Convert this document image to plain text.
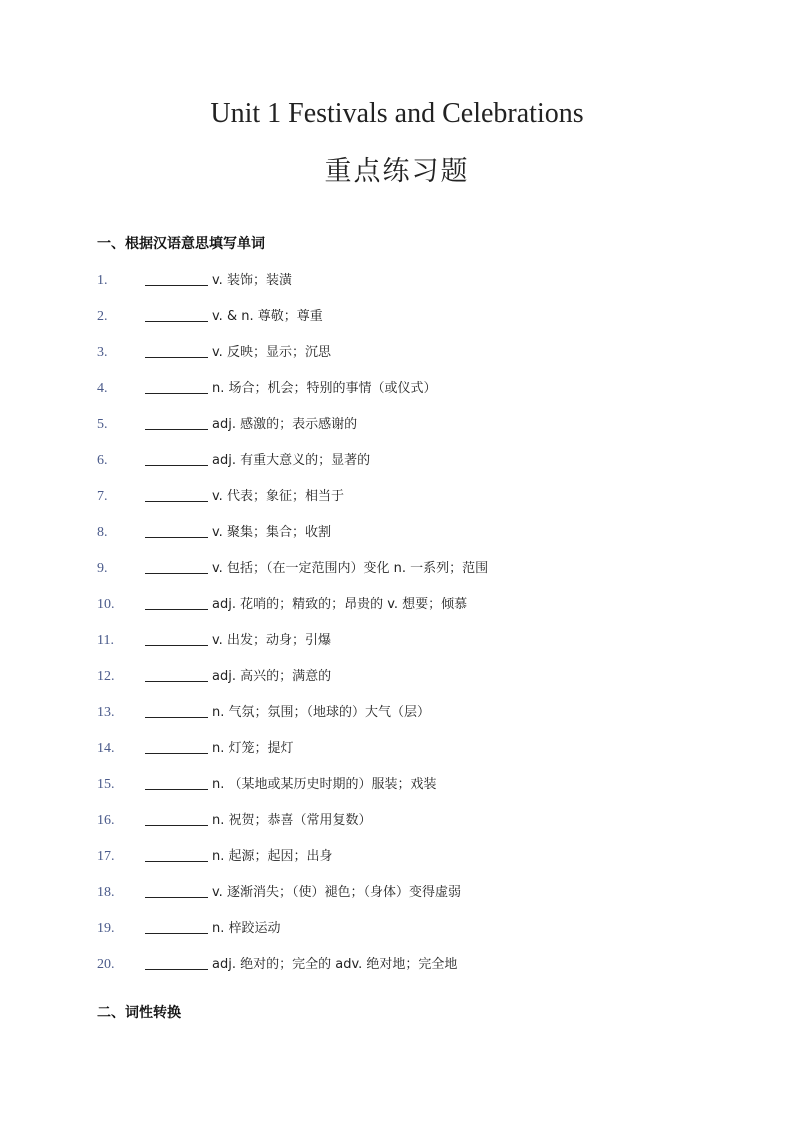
Unit 1 Festivals and Celebrations
重点练习题
一、根据汉语意思填写单词
1.	v. 装饰；装潢
2.	v. & n. 尊敬；尊重
3.	v. 反映；显示；沉思
4.	n. 场合；机会；特别的事情（或仪式）
5.	adj. 感激的；表示感谢的
6.	adj. 有重大意义的；显著的
7.	v. 代表；象征；相当于
8.	v. 聚集；集合；收割
9.	v. 包括；（在一定范围内）变化 n. 一系列；范围
10.	adj. 花哨的；精致的；昂贵的 v. 想要；倾慕
11.	v. 出发；动身；引爆
12.	adj. 高兴的；满意的
13.	n. 气氛；氛围；（地球的）大气（层）
14.	n. 灯笼；提灯
15.	n. （某地或某历史时期的）服装；戏装
16.	n. 祝贺；恭喜（常用复数）
17.	n. 起源；起因；出身
18.	v. 逐渐消失；（使）褪色；（身体）变得虚弱
19.	n. 梓跤运动
20.	adj. 绝对的；完全的 adv. 绝对地；完全地
二、词性转换
